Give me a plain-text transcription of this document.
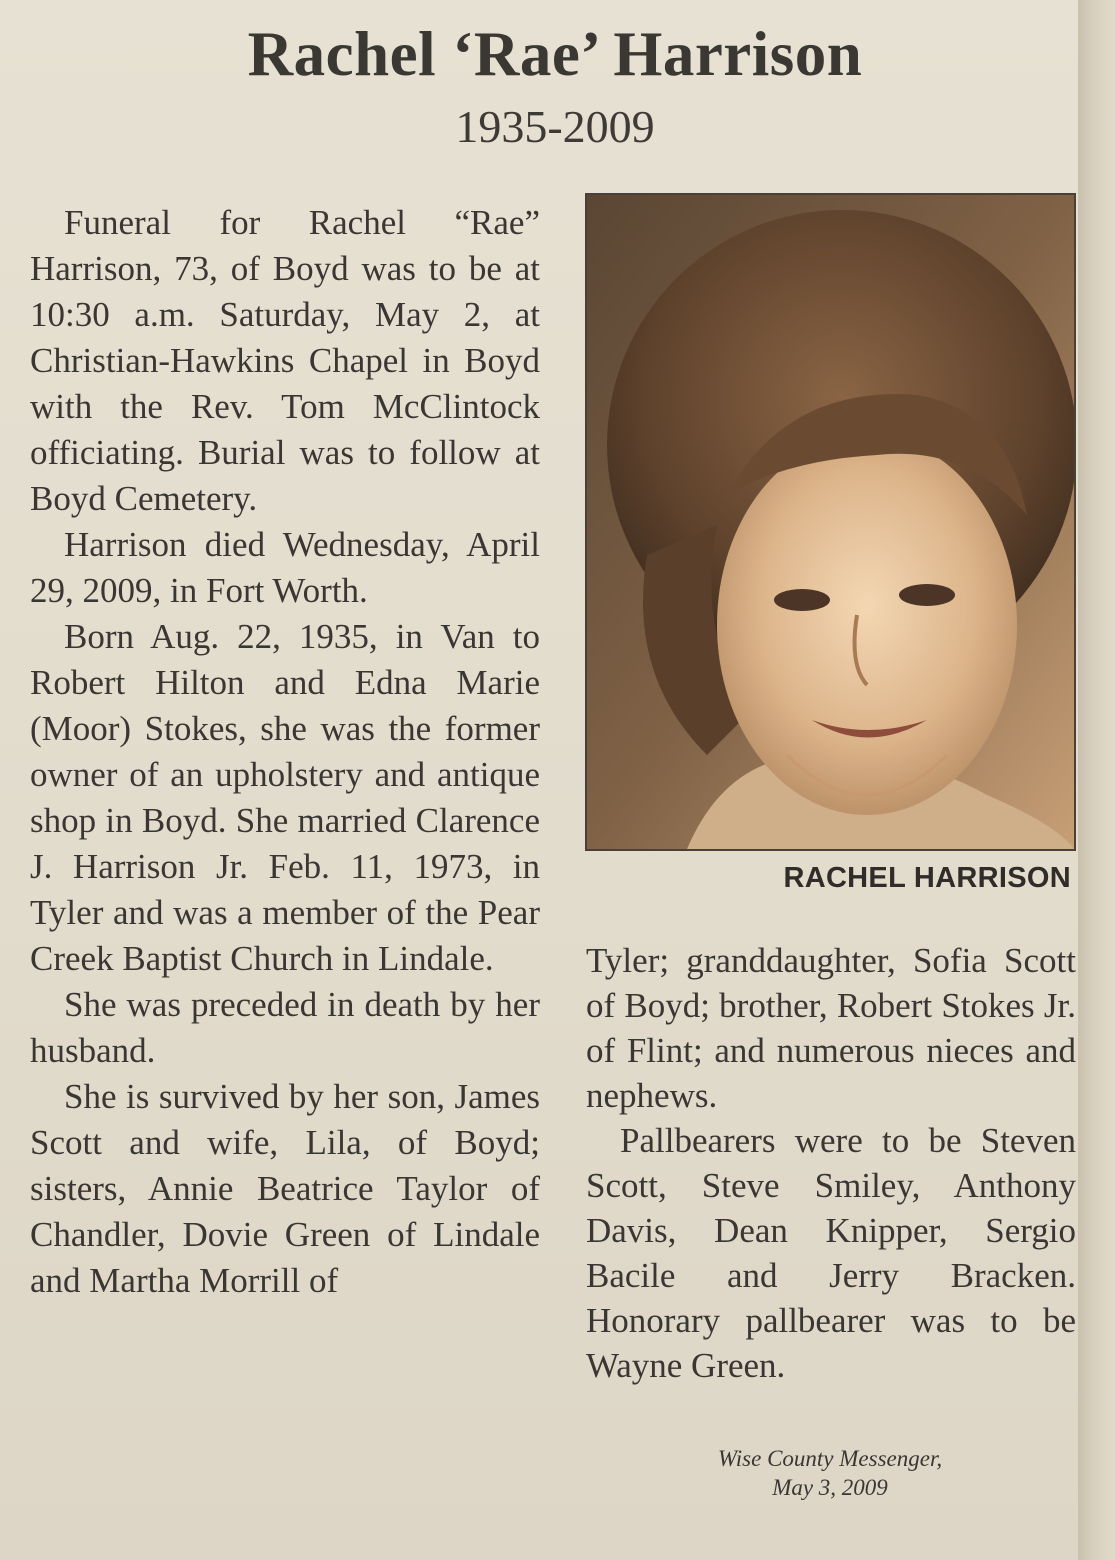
Rachel ‘Rae’ Harrison
1935-2009

Funeral for Rachel “Rae” Harrison, 73, of Boyd was to be at 10:30 a.m. Saturday, May 2, at Christian-Hawkins Chapel in Boyd with the Rev. Tom McClintock officiating. Burial was to follow at Boyd Cemetery.

Harrison died Wednesday, April 29, 2009, in Fort Worth.

Born Aug. 22, 1935, in Van to Robert Hilton and Edna Marie (Moor) Stokes, she was the former owner of an upholstery and antique shop in Boyd. She married Clarence J. Harrison Jr. Feb. 11, 1973, in Tyler and was a member of the Pear Creek Baptist Church in Lindale.

She was preceded in death by her husband.

She is survived by her son, James Scott and wife, Lila, of Boyd; sisters, Annie Beatrice Taylor of Chandler, Dovie Green of Lindale and Martha Morrill of

RACHEL HARRISON

Tyler; granddaughter, Sofia Scott of Boyd; brother, Robert Stokes Jr. of Flint; and numerous nieces and nephews.

Pallbearers were to be Steven Scott, Steve Smiley, Anthony Davis, Dean Knipper, Sergio Bacile and Jerry Bracken. Honorary pallbearer was to be Wayne Green.

Wise County Messenger,
May 3, 2009
